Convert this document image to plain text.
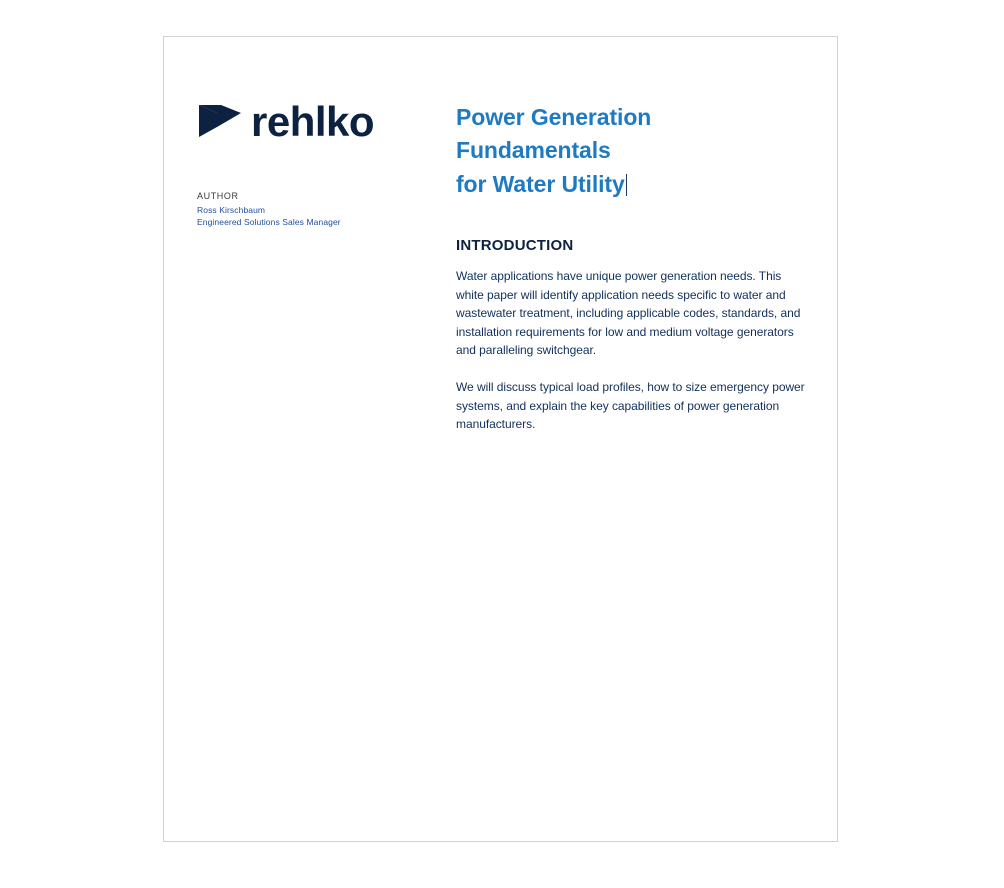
rehlko
AUTHOR
Ross Kirschbaum
Engineered Solutions Sales Manager
Power Generation
Fundamentals
for Water Utility
INTRODUCTION

Water applications have unique power generation needs. This white paper will identify application needs specific to water and wastewater treatment, including applicable codes, standards, and installation requirements for low and medium voltage generators and paralleling switchgear.

We will discuss typical load profiles, how to size emergency power systems, and explain the key capabilities of power generation manufacturers.
